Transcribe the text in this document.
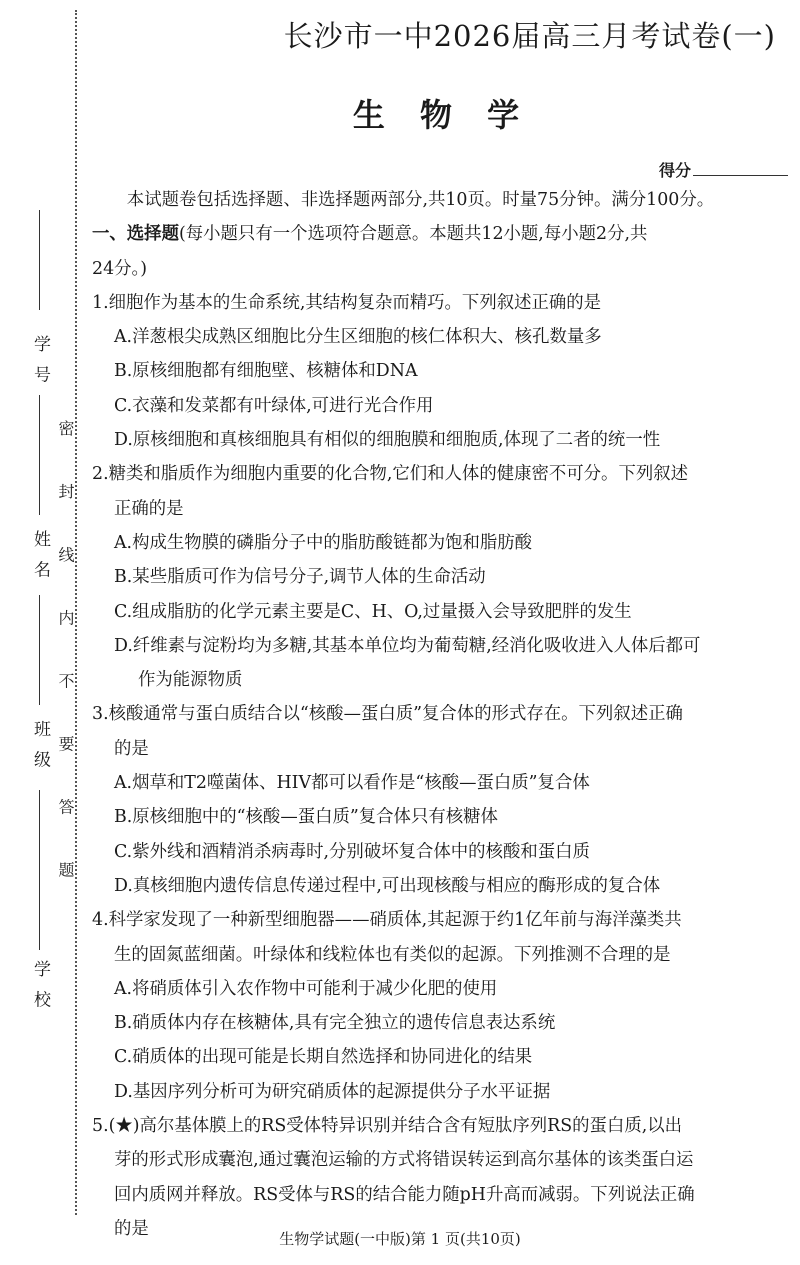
学 号
姓 名
班 级
学 校
密 封 线 内 不 要 答 题
长沙市一中2026届高三月考试卷(一)
生 物 学
得分

本试题卷包括选择题、非选择题两部分,共10页。时量75分钟。满分100分。

一、选择题(每小题只有一个选项符合题意。本题共12小题,每小题2分,共

24分。)

1.细胞作为基本的生命系统,其结构复杂而精巧。下列叙述正确的是

A.洋葱根尖成熟区细胞比分生区细胞的核仁体积大、核孔数量多

B.原核细胞都有细胞壁、核糖体和DNA

C.衣藻和发菜都有叶绿体,可进行光合作用

D.原核细胞和真核细胞具有相似的细胞膜和细胞质,体现了二者的统一性

2.糖类和脂质作为细胞内重要的化合物,它们和人体的健康密不可分。下列叙述

正确的是

A.构成生物膜的磷脂分子中的脂肪酸链都为饱和脂肪酸

B.某些脂质可作为信号分子,调节人体的生命活动

C.组成脂肪的化学元素主要是C、H、O,过量摄入会导致肥胖的发生

D.纤维素与淀粉均为多糖,其基本单位均为葡萄糖,经消化吸收进入人体后都可

作为能源物质

3.核酸通常与蛋白质结合以“核酸—蛋白质”复合体的形式存在。下列叙述正确

的是

A.烟草和T2噬菌体、HIV都可以看作是“核酸—蛋白质”复合体

B.原核细胞中的“核酸—蛋白质”复合体只有核糖体

C.紫外线和酒精消杀病毒时,分别破坏复合体中的核酸和蛋白质

D.真核细胞内遗传信息传递过程中,可出现核酸与相应的酶形成的复合体

4.科学家发现了一种新型细胞器——硝质体,其起源于约1亿年前与海洋藻类共

生的固氮蓝细菌。叶绿体和线粒体也有类似的起源。下列推测不合理的是

A.将硝质体引入农作物中可能利于减少化肥的使用

B.硝质体内存在核糖体,具有完全独立的遗传信息表达系统

C.硝质体的出现可能是长期自然选择和协同进化的结果

D.基因序列分析可为研究硝质体的起源提供分子水平证据

5.(★)高尔基体膜上的RS受体特异识别并结合含有短肽序列RS的蛋白质,以出

芽的形式形成囊泡,通过囊泡运输的方式将错误转运到高尔基体的该类蛋白运

回内质网并释放。RS受体与RS的结合能力随pH升高而减弱。下列说法正确

的是

生物学试题(一中版)第 1 页(共10页)
